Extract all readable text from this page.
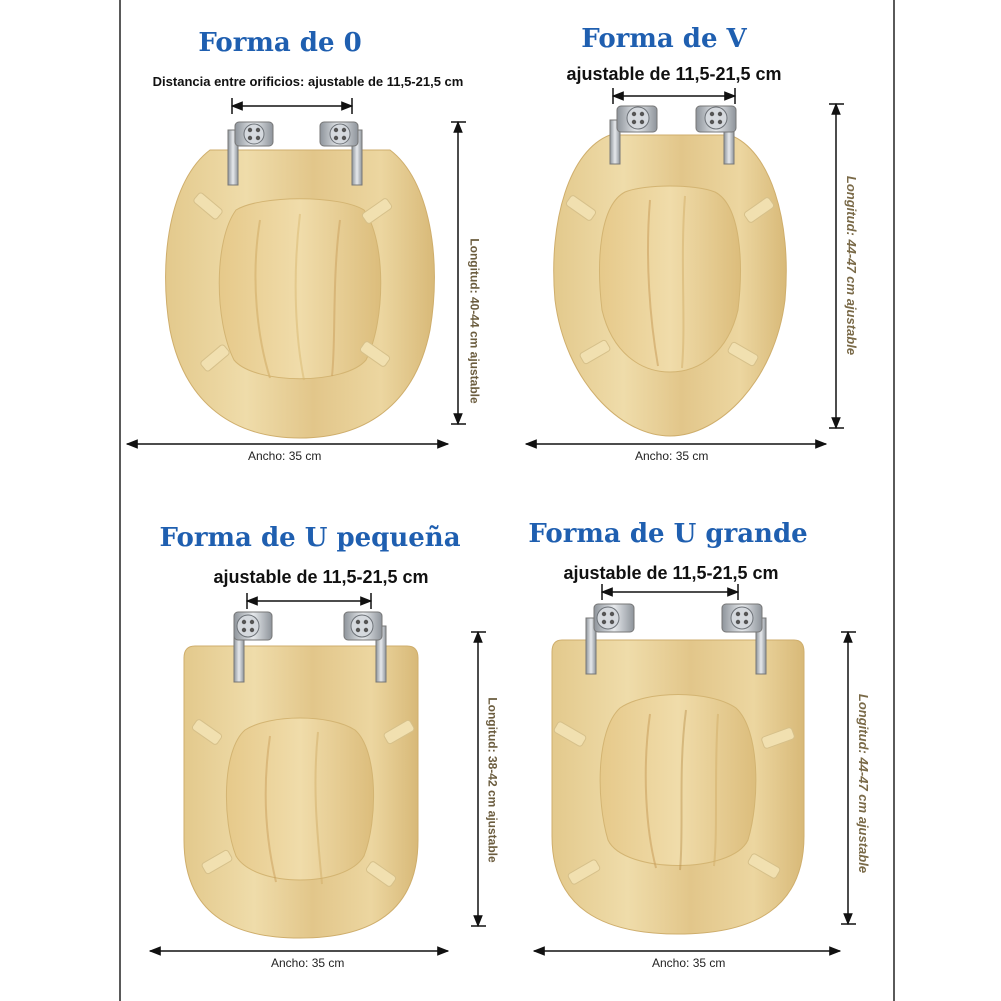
Forma de 0
Distancia entre orificios: ajustable de 11,5-21,5 cm
Ancho: 35 cm
Longitud: 40-44 cm ajustable
Forma de V
ajustable de 11,5-21,5 cm
Ancho: 35 cm
Longitud: 44-47 cm ajustable
Forma de U pequeña
ajustable de 11,5-21,5 cm
Ancho: 35 cm
Longitud: 38-42 cm ajustable
Forma de U grande
ajustable de 11,5-21,5 cm
Ancho: 35 cm
Longitud: 44-47 cm ajustable
